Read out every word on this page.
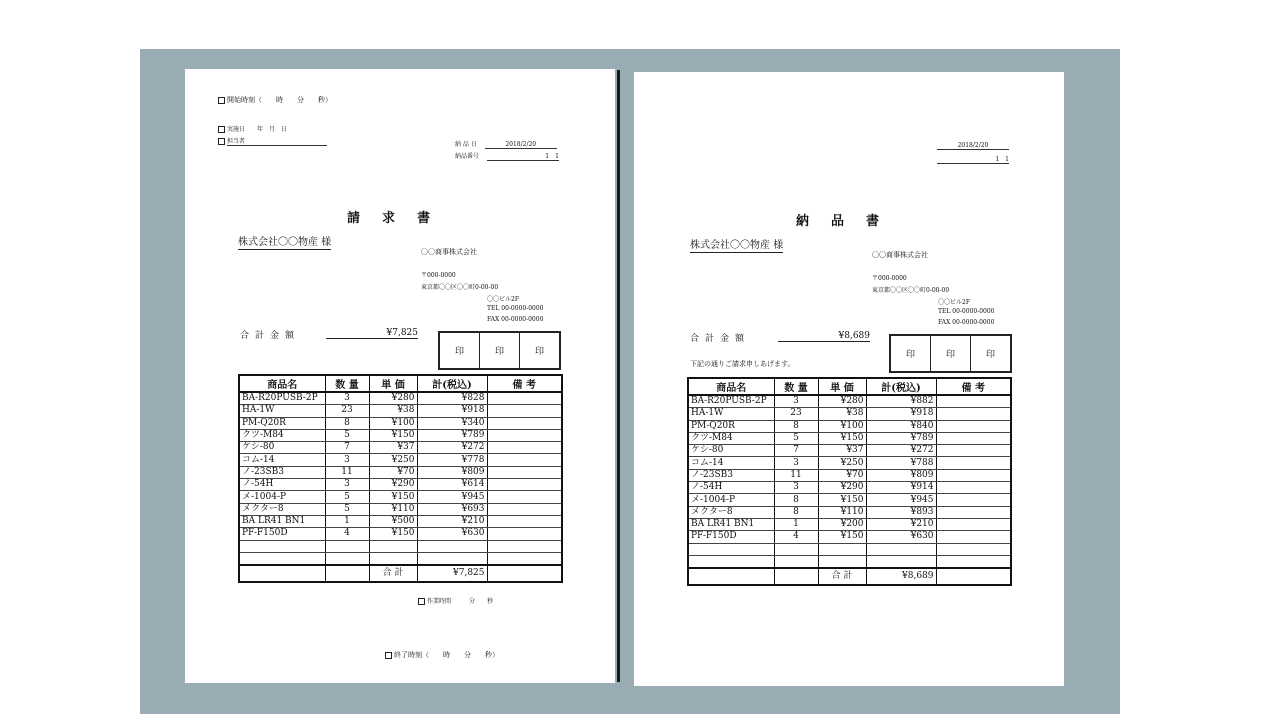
開始時刻（　　時　　分　　秒）
実施日　　年　月　日
担当者	納 品 日	2018/2/20
納品番号	1　1
請求書
株式会社〇〇物産 様
〇〇商事株式会社
〒000-0000
東京都〇〇区〇〇町0-00-00
〇〇ビル2F
TEL 00-0000-0000
FAX 00-0000-0000
合計金額	¥7,825
印	印	印
商品名	数 量	単 価	計(税込)	備 考
BA-R20PUSB-2P	3	¥280	¥828	
HA-1W	23	¥38	¥918	
PM-Q20R	8	¥100	¥340	
クツ-M84	5	¥150	¥789	
ケシ-80	7	¥37	¥272	
コム-14	3	¥250	¥778	
ノ-23SB3	11	¥70	¥809	
ノ-54H	3	¥290	¥614	
メ-1004-P	5	¥150	¥945	
メクター8	5	¥110	¥693	
BA LR41 BN1	1	¥500	¥210	
PF-F150D	4	¥150	¥630	

		合 計	¥7,825	
作業時間　　　分　　秒
終了時刻（　　時　　分　　秒）
2018/2/20
1　1
納品書
株式会社〇〇物産 様
〇〇商事株式会社
〒000-0000
東京都〇〇区〇〇町0-00-00
〇〇ビル2F
TEL 00-0000-0000
FAX 00-0000-0000
合計金額	¥8,689
下記の通りご請求申しあげます。
印	印	印
商品名	数 量	単 価	計(税込)	備 考
BA-R20PUSB-2P	3	¥280	¥882	
HA-1W	23	¥38	¥918	
PM-Q20R	8	¥100	¥840	
クツ-M84	5	¥150	¥789	
ケシ-80	7	¥37	¥272	
コム-14	3	¥250	¥788	
ノ-23SB3	11	¥70	¥809	
ノ-54H	3	¥290	¥914	
メ-1004-P	8	¥150	¥945	
メクター8	8	¥110	¥893	
BA LR41 BN1	1	¥200	¥210	
PF-F150D	4	¥150	¥630	

		合 計	¥8,689	
